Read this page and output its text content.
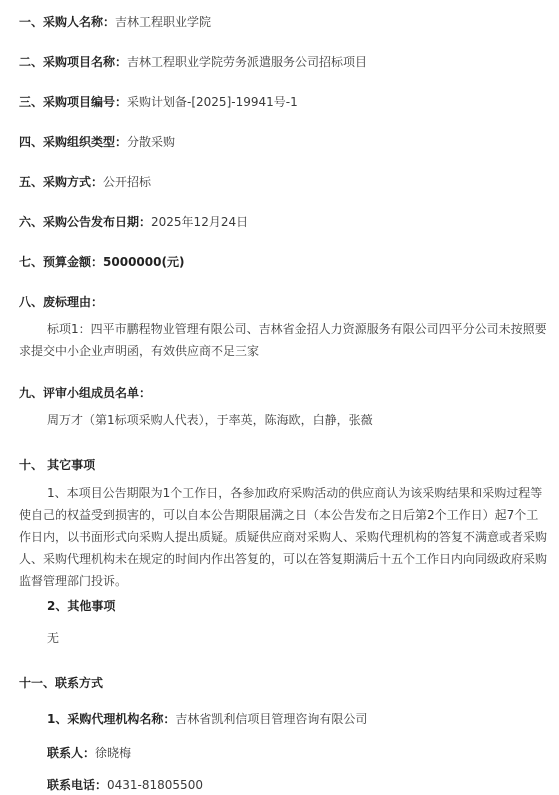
一、采购人名称：吉林工程职业学院
二、采购项目名称：吉林工程职业学院劳务派遣服务公司招标项目
三、采购项目编号：采购计划备-[2025]-19941号-1
四、采购组织类型：分散采购
五、采购方式：公开招标
六、采购公告发布日期：2025年12月24日
七、预算金额：5000000(元)
八、废标理由：
标项1：四平市鹏程物业管理有限公司、吉林省金招人力资源服务有限公司四平分公司未按照要求提交中小企业声明函，有效供应商不足三家
九、评审小组成员名单：
周万才（第1标项采购人代表），于率英，陈海欧，白静，张薇
十、 其它事项
1、本项目公告期限为1个工作日，各参加政府采购活动的供应商认为该采购结果和采购过程等使自己的权益受到损害的，可以自本公告期限届满之日（本公告发布之日后第2个工作日）起7个工作日内，以书面形式向采购人提出质疑。质疑供应商对采购人、采购代理机构的答复不满意或者采购人、采购代理机构未在规定的时间内作出答复的，可以在答复期满后十五个工作日内向同级政府采购监督管理部门投诉。
2、其他事项
无
十一、联系方式
1、采购代理机构名称：吉林省凯利信项目管理咨询有限公司
联系人：徐晓梅
联系电话：0431-81805500
